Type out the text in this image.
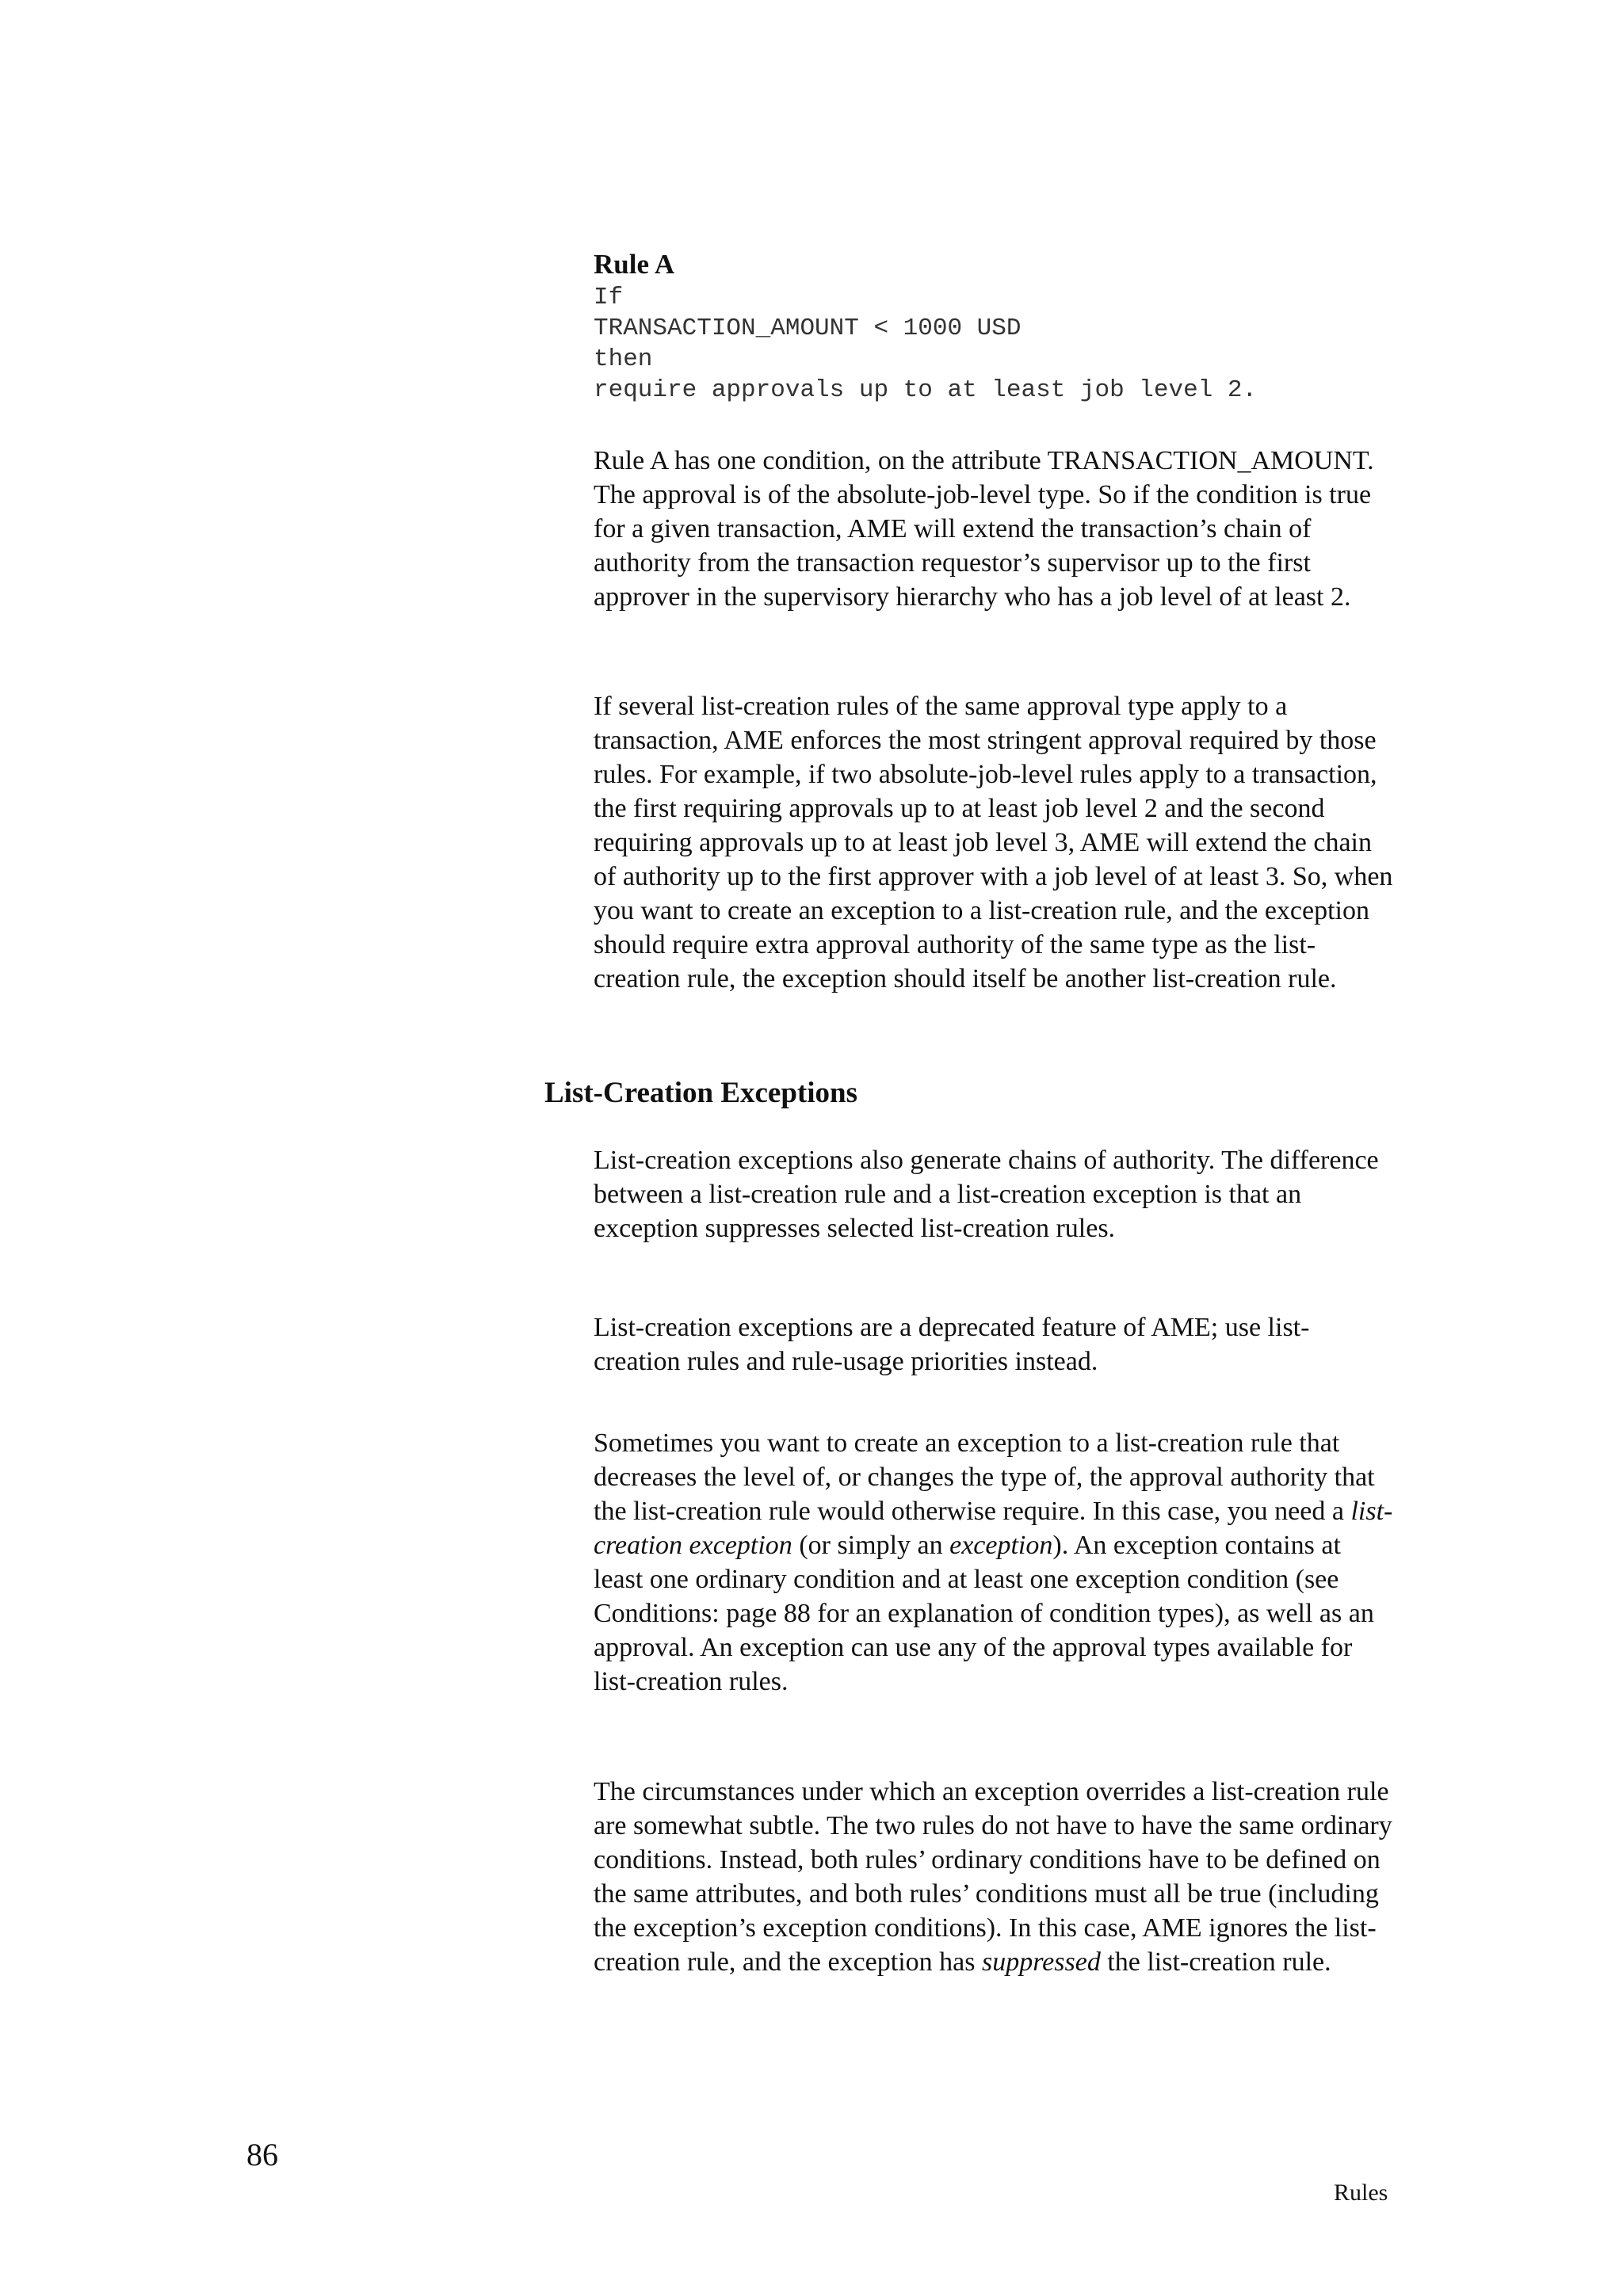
Rule A

If
TRANSACTION_AMOUNT < 1000 USD
then
require approvals up to at least job level 2.

Rule A has one condition, on the attribute TRANSACTION_AMOUNT. The approval is of the absolute-job-level type. So if the condition is true for a given transaction, AME will extend the transaction’s chain of authority from the transaction requestor’s supervisor up to the first approver in the supervisory hierarchy who has a job level of at least 2.

If several list-creation rules of the same approval type apply to a transaction, AME enforces the most stringent approval required by those rules. For example, if two absolute-job-level rules apply to a transaction, the first requiring approvals up to at least job level 2 and the second requiring approvals up to at least job level 3, AME will extend the chain of authority up to the first approver with a job level of at least 3. So, when you want to create an exception to a list-creation rule, and the exception should require extra approval authority of the same type as the list-creation rule, the exception should itself be another list-creation rule.

List-Creation Exceptions

List-creation exceptions also generate chains of authority. The difference between a list-creation rule and a list-creation exception is that an exception suppresses selected list-creation rules.

List-creation exceptions are a deprecated feature of AME; use list-creation rules and rule-usage priorities instead.

Sometimes you want to create an exception to a list-creation rule that decreases the level of, or changes the type of, the approval authority that the list-creation rule would otherwise require. In this case, you need a list-creation exception (or simply an exception). An exception contains at least one ordinary condition and at least one exception condition (see Conditions: page 88 for an explanation of condition types), as well as an approval. An exception can use any of the approval types available for list-creation rules.

The circumstances under which an exception overrides a list-creation rule are somewhat subtle. The two rules do not have to have the same ordinary conditions. Instead, both rules’ ordinary conditions have to be defined on the same attributes, and both rules’ conditions must all be true (including the exception’s exception conditions). In this case, AME ignores the list-creation rule, and the exception has suppressed the list-creation rule.

86
Rules
